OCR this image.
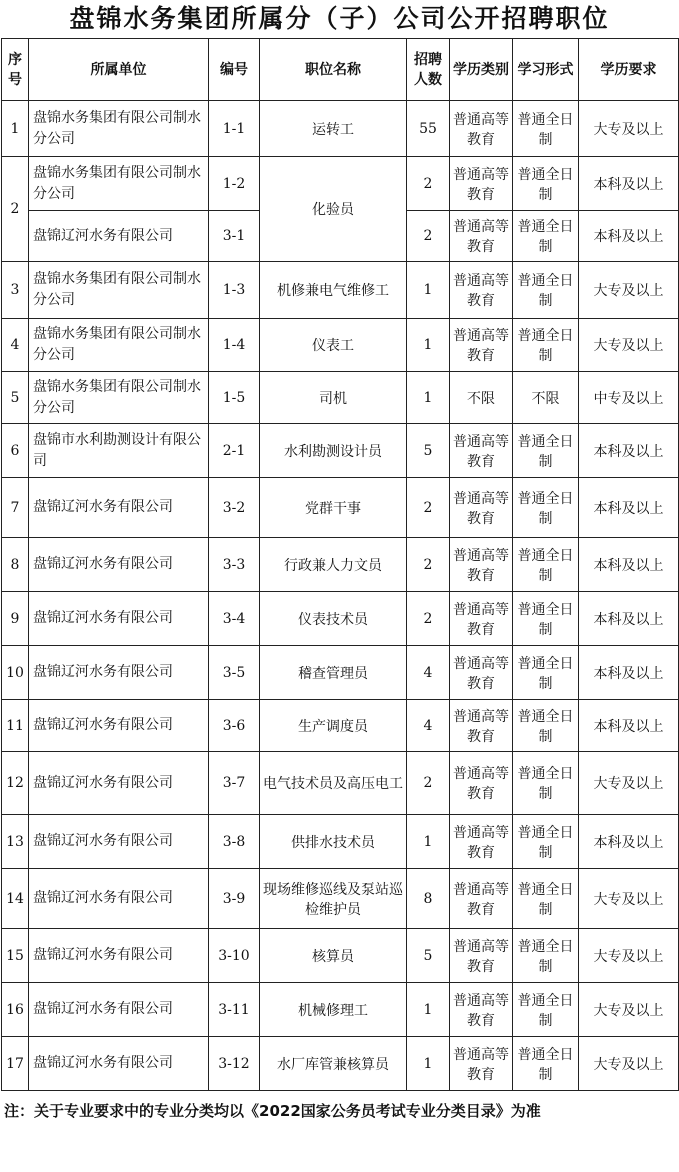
盘锦水务集团所属分（子）公司公开招聘职位
序号	所属单位	编号	职位名称	招聘人数	学历类别	学习形式	学历要求
1	盘锦水务集团有限公司制水分公司	1-1	运转工	55	普通高等教育	普通全日制	大专及以上
2	盘锦水务集团有限公司制水分公司	1-2	化验员	2	普通高等教育	普通全日制	本科及以上
	盘锦辽河水务有限公司	3-1		2	普通高等教育	普通全日制	本科及以上
3	盘锦水务集团有限公司制水分公司	1-3	机修兼电气维修工	1	普通高等教育	普通全日制	大专及以上
4	盘锦水务集团有限公司制水分公司	1-4	仪表工	1	普通高等教育	普通全日制	大专及以上
5	盘锦水务集团有限公司制水分公司	1-5	司机	1	不限	不限	中专及以上
6	盘锦市水利勘测设计有限公司	2-1	水利勘测设计员	5	普通高等教育	普通全日制	本科及以上
7	盘锦辽河水务有限公司	3-2	党群干事	2	普通高等教育	普通全日制	本科及以上
8	盘锦辽河水务有限公司	3-3	行政兼人力文员	2	普通高等教育	普通全日制	本科及以上
9	盘锦辽河水务有限公司	3-4	仪表技术员	2	普通高等教育	普通全日制	本科及以上
10	盘锦辽河水务有限公司	3-5	稽查管理员	4	普通高等教育	普通全日制	本科及以上
11	盘锦辽河水务有限公司	3-6	生产调度员	4	普通高等教育	普通全日制	本科及以上
12	盘锦辽河水务有限公司	3-7	电气技术员及高压电工	2	普通高等教育	普通全日制	大专及以上
13	盘锦辽河水务有限公司	3-8	供排水技术员	1	普通高等教育	普通全日制	本科及以上
14	盘锦辽河水务有限公司	3-9	现场维修巡线及泵站巡检维护员	8	普通高等教育	普通全日制	大专及以上
15	盘锦辽河水务有限公司	3-10	核算员	5	普通高等教育	普通全日制	大专及以上
16	盘锦辽河水务有限公司	3-11	机械修理工	1	普通高等教育	普通全日制	大专及以上
17	盘锦辽河水务有限公司	3-12	水厂库管兼核算员	1	普通高等教育	普通全日制	大专及以上
注：关于专业要求中的专业分类均以《2022国家公务员考试专业分类目录》为准
